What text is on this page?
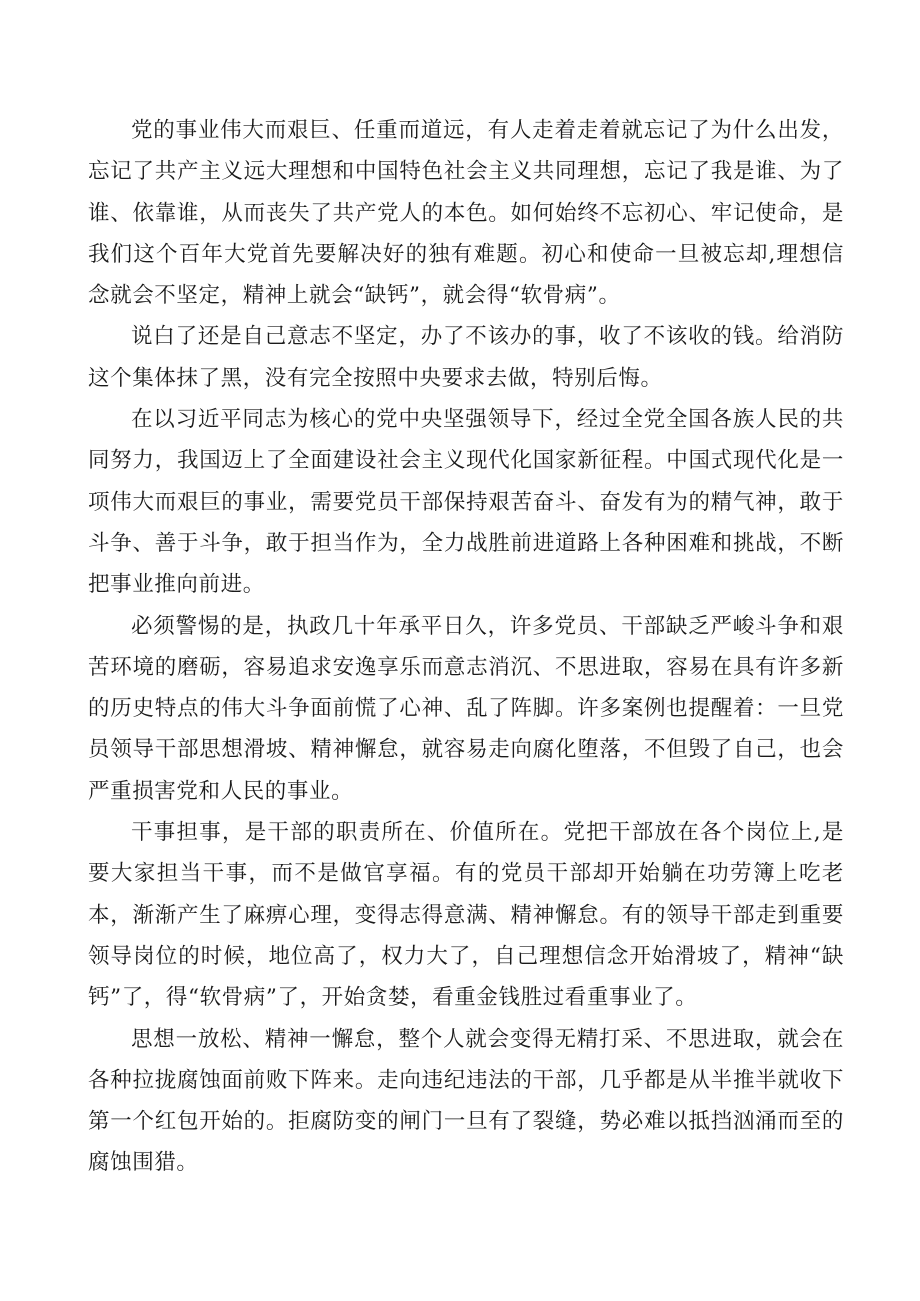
党的事业伟大而艰巨、任重而道远，有人走着走着就忘记了为什么出发，忘记了共产主义远大理想和中国特色社会主义共同理想，忘记了我是谁、为了谁、依靠谁，从而丧失了共产党人的本色。如何始终不忘初心、牢记使命，是我们这个百年大党首先要解决好的独有难题。初心和使命一旦被忘却,理想信念就会不坚定，精神上就会“缺钙”，就会得“软骨病”。

说白了还是自己意志不坚定，办了不该办的事，收了不该收的钱。给消防这个集体抹了黑，没有完全按照中央要求去做，特别后悔。

在以习近平同志为核心的党中央坚强领导下，经过全党全国各族人民的共同努力，我国迈上了全面建设社会主义现代化国家新征程。中国式现代化是一项伟大而艰巨的事业，需要党员干部保持艰苦奋斗、奋发有为的精气神，敢于斗争、善于斗争，敢于担当作为，全力战胜前进道路上各种困难和挑战，不断把事业推向前进。

必须警惕的是，执政几十年承平日久，许多党员、干部缺乏严峻斗争和艰苦环境的磨砺，容易追求安逸享乐而意志消沉、不思进取，容易在具有许多新的历史特点的伟大斗争面前慌了心神、乱了阵脚。许多案例也提醒着：一旦党员领导干部思想滑坡、精神懈怠，就容易走向腐化堕落，不但毁了自己，也会严重损害党和人民的事业。

干事担事，是干部的职责所在、价值所在。党把干部放在各个岗位上,是要大家担当干事，而不是做官享福。有的党员干部却开始躺在功劳簿上吃老本，渐渐产生了麻痹心理，变得志得意满、精神懈怠。有的领导干部走到重要领导岗位的时候，地位高了，权力大了，自己理想信念开始滑坡了，精神“缺钙”了，得“软骨病”了，开始贪婪，看重金钱胜过看重事业了。

思想一放松、精神一懈怠，整个人就会变得无精打采、不思进取，就会在各种拉拢腐蚀面前败下阵来。走向违纪违法的干部，几乎都是从半推半就收下第一个红包开始的。拒腐防变的闸门一旦有了裂缝，势必难以抵挡汹涌而至的腐蚀围猎。
